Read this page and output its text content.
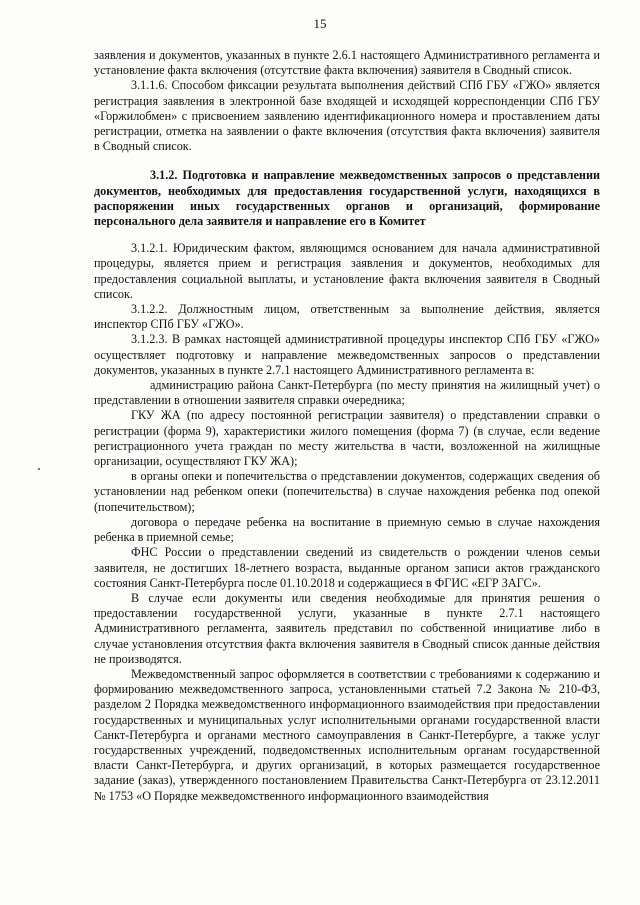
15

заявления и документов, указанных в пункте 2.6.1 настоящего Административного регламента и установление факта включения (отсутствие факта включения) заявителя в Сводный список.

3.1.1.6. Способом фиксации результата выполнения действий СПб ГБУ «ГЖО» является регистрация заявления в электронной базе входящей и исходящей корреспонденции СПб ГБУ «Горжилобмен» с присвоением заявлению идентификационного номера и проставлением даты регистрации, отметка на заявлении о факте включения (отсутствия факта включения) заявителя в Сводный список.

3.1.2. Подготовка и направление межведомственных запросов о представлении документов, необходимых для предоставления государственной услуги, находящихся в распоряжении иных государственных органов и организаций, формирование персонального дела заявителя и направление его в Комитет

3.1.2.1. Юридическим фактом, являющимся основанием для начала административной процедуры, является прием и регистрация заявления и документов, необходимых для предоставления социальной выплаты, и установление факта включения заявителя в Сводный список.

3.1.2.2. Должностным лицом, ответственным за выполнение действия, является инспектор СПб ГБУ «ГЖО».

3.1.2.3. В рамках настоящей административной процедуры инспектор СПб ГБУ «ГЖО» осуществляет подготовку и направление межведомственных запросов о представлении документов, указанных в пункте 2.7.1 настоящего Административного регламента в:

администрацию района Санкт-Петербурга (по месту принятия на жилищный учет) о представлении в отношении заявителя справки очередника;

ГКУ ЖА (по адресу постоянной регистрации заявителя) о представлении справки о регистрации (форма 9), характеристики жилого помещения (форма 7) (в случае, если ведение регистрационного учета граждан по месту жительства в части, возложенной на жилищные организации, осуществляют ГКУ ЖА);

в органы опеки и попечительства о представлении документов, содержащих сведения об установлении над ребенком опеки (попечительства) в случае нахождения ребенка под опекой (попечительством);

договора о передаче ребенка на воспитание в приемную семью в случае нахождения ребенка в приемной семье;

ФНС России о представлении сведений из свидетельств о рождении членов семьи заявителя, не достигших 18-летнего возраста, выданные органом записи актов гражданского состояния Санкт-Петербурга после 01.10.2018 и содержащиеся в ФГИС «ЕГР ЗАГС».

В случае если документы или сведения необходимые для принятия решения о предоставлении государственной услуги, указанные в пункте 2.7.1 настоящего Административного регламента, заявитель представил по собственной инициативе либо в случае установления отсутствия факта включения заявителя в Сводный список данные действия не производятся.

Межведомственный запрос оформляется в соответствии с требованиями к содержанию и формированию межведомственного запроса, установленными статьей 7.2 Закона № 210-ФЗ, разделом 2 Порядка межведомственного информационного взаимодействия при предоставлении государственных и муниципальных услуг исполнительными органами государственной власти Санкт-Петербурга и органами местного самоуправления в Санкт-Петербурге, а также услуг государственных учреждений, подведомственных исполнительным органам государственной власти Санкт-Петербурга, и других организаций, в которых размещается государственное задание (заказ), утвержденного постановлением Правительства Санкт-Петербурга от 23.12.2011 № 1753 «О Порядке межведомственного информационного взаимодействия
